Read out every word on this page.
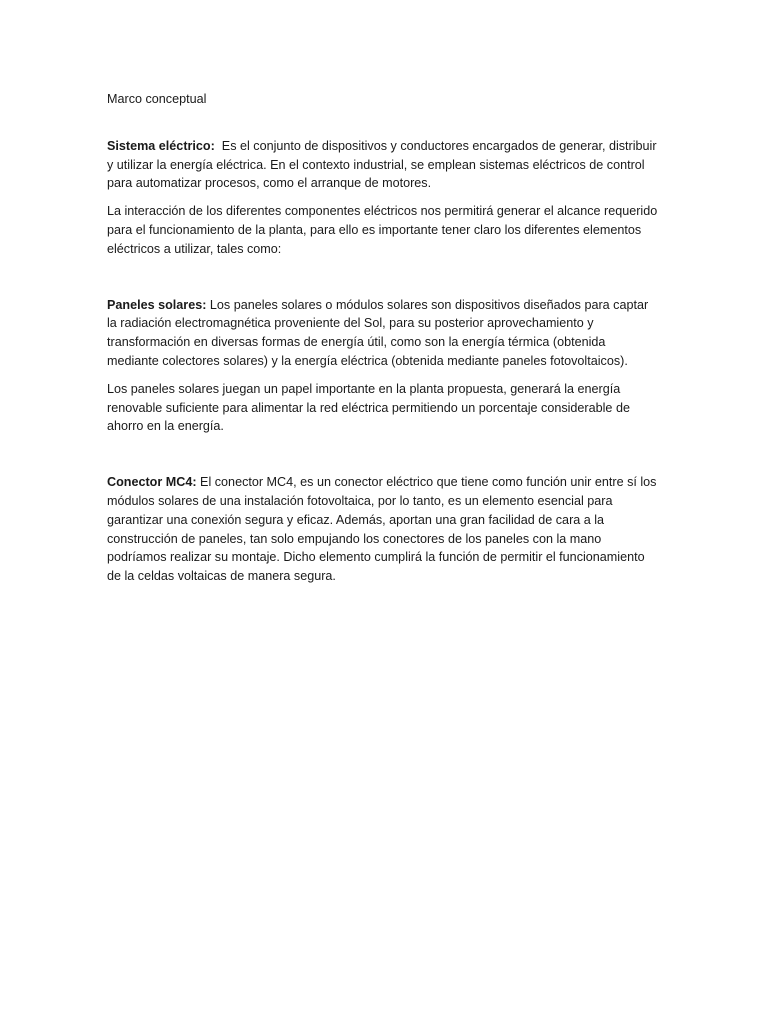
Marco conceptual

Sistema eléctrico:  Es el conjunto de dispositivos y conductores encargados de generar, distribuir y utilizar la energía eléctrica. En el contexto industrial, se emplean sistemas eléctricos de control para automatizar procesos, como el arranque de motores.

La interacción de los diferentes componentes eléctricos nos permitirá generar el alcance requerido para el funcionamiento de la planta, para ello es importante tener claro los diferentes elementos eléctricos a utilizar, tales como:

Paneles solares: Los paneles solares o módulos solares son dispositivos diseñados para captar la radiación electromagnética proveniente del Sol, para su posterior aprovechamiento y transformación en diversas formas de energía útil, como son la energía térmica (obtenida mediante colectores solares) y la energía eléctrica (obtenida mediante paneles fotovoltaicos).

Los paneles solares juegan un papel importante en la planta propuesta, generará la energía renovable suficiente para alimentar la red eléctrica permitiendo un porcentaje considerable de ahorro en la energía.

Conector MC4: El conector MC4, es un conector eléctrico que tiene como función unir entre sí los módulos solares de una instalación fotovoltaica, por lo tanto, es un elemento esencial para garantizar una conexión segura y eficaz. Además, aportan una gran facilidad de cara a la construcción de paneles, tan solo empujando los conectores de los paneles con la mano podríamos realizar su montaje. Dicho elemento cumplirá la función de permitir el funcionamiento de la celdas voltaicas de manera segura.
